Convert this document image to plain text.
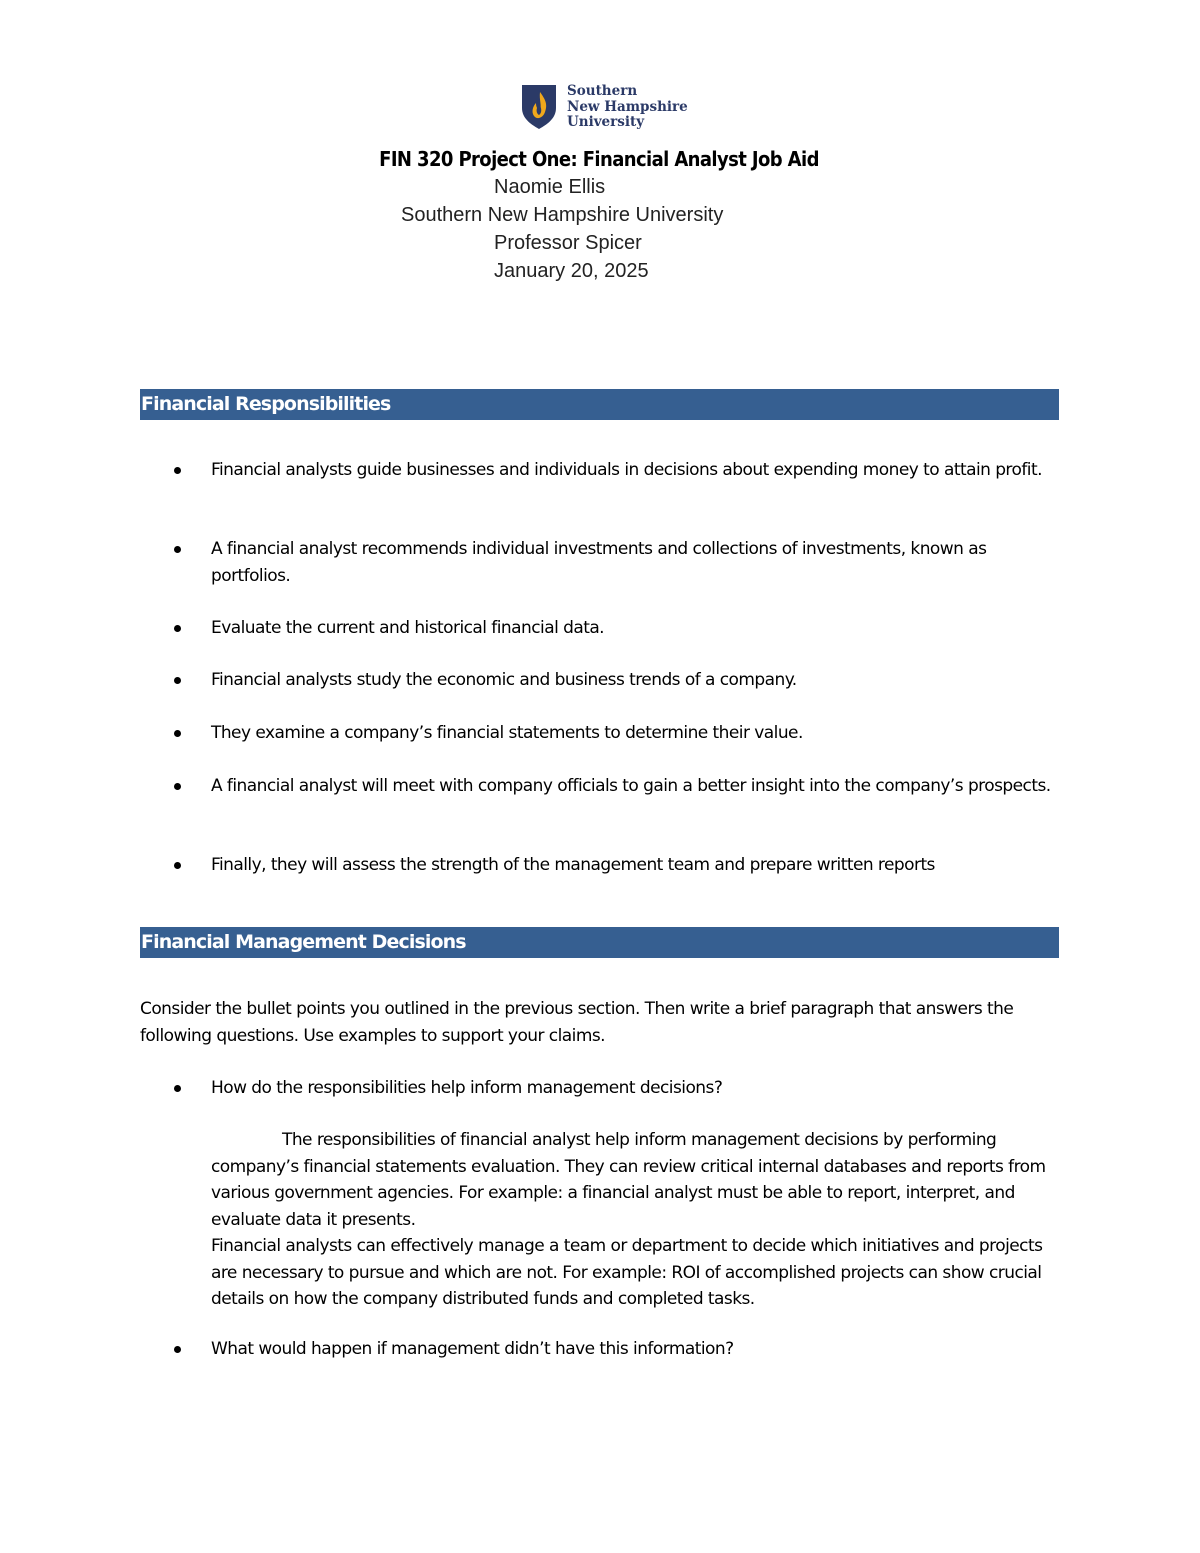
Southern
New Hampshire
University
FIN 320 Project One: Financial Analyst Job Aid
Naomie Ellis
Southern New Hampshire University
Professor Spicer
January 20, 2025
Financial Responsibilities
Financial analysts guide businesses and individuals in decisions about expending money to attain profit.
A financial analyst recommends individual investments and collections of investments, known as portfolios.
Evaluate the current and historical financial data.
Financial analysts study the economic and business trends of a company.
They examine a company’s financial statements to determine their value.
A financial analyst will meet with company officials to gain a better insight into the company’s prospects.
Finally, they will assess the strength of the management team and prepare written reports
Financial Management Decisions
Consider the bullet points you outlined in the previous section. Then write a brief paragraph that answers the following questions. Use examples to support your claims.
How do the responsibilities help inform management decisions?

The responsibilities of financial analyst help inform management decisions by performing company’s financial statements evaluation. They can review critical internal databases and reports from various government agencies. For example: a financial analyst must be able to report, interpret, and evaluate data it presents.

Financial analysts can effectively manage a team or department to decide which initiatives and projects are necessary to pursue and which are not. For example: ROI of accomplished projects can show crucial details on how the company distributed funds and completed tasks.

What would happen if management didn’t have this information?
